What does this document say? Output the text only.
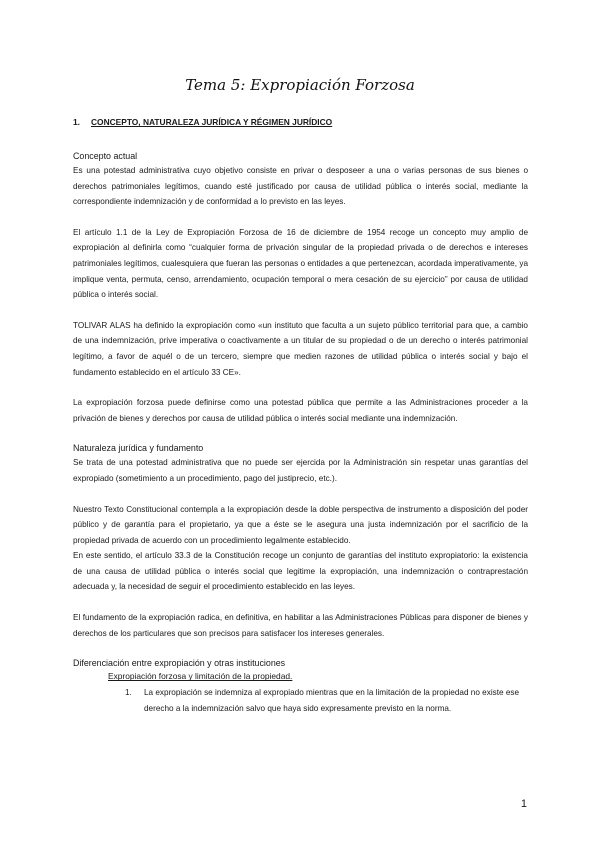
Tema 5: Expropiación Forzosa
1. CONCEPTO, NATURALEZA JURÍDICA Y RÉGIMEN JURÍDICO
Concepto actual

Es una potestad administrativa cuyo objetivo consiste en privar o desposeer a una o varias personas de sus bienes o derechos patrimoniales legítimos, cuando esté justificado por causa de utilidad pública o interés social, mediante la correspondiente indemnización y de conformidad a lo previsto en las leyes.

El artículo 1.1 de la Ley de Expropiación Forzosa de 16 de diciembre de 1954 recoge un concepto muy amplio de expropiación al definirla como “cualquier forma de privación singular de la propiedad privada o de derechos e intereses patrimoniales legítimos, cualesquiera que fueran las personas o entidades a que pertenezcan, acordada imperativamente, ya implique venta, permuta, censo, arrendamiento, ocupación temporal o mera cesación de su ejercicio” por causa de utilidad pública o interés social.

TOLIVAR ALAS ha definido la expropiación como «un instituto que faculta a un sujeto público territorial para que, a cambio de una indemnización, prive imperativa o coactivamente a un titular de su propiedad o de un derecho o interés patrimonial legítimo, a favor de aquél o de un tercero, siempre que medien razones de utilidad pública o interés social y bajo el fundamento establecido en el artículo 33 CE».

La expropiación forzosa puede definirse como una potestad pública que permite a las Administraciones proceder a la privación de bienes y derechos por causa de utilidad pública o interés social mediante una indemnización.

Naturaleza jurídica y fundamento

Se trata de una potestad administrativa que no puede ser ejercida por la Administración sin respetar unas garantías del expropiado (sometimiento a un procedimiento, pago del justiprecio, etc.).

Nuestro Texto Constitucional contempla a la expropiación desde la doble perspectiva de instrumento a disposición del poder público y de garantía para el propietario, ya que a éste se le asegura una justa indemnización por el sacrificio de la propiedad privada de acuerdo con un procedimiento legalmente establecido.

En este sentido, el artículo 33.3 de la Constitución recoge un conjunto de garantías del instituto expropiatorio: la existencia de una causa de utilidad pública o interés social que legitime la expropiación, una indemnización o contraprestación adecuada y, la necesidad de seguir el procedimiento establecido en las leyes.

El fundamento de la expropiación radica, en definitiva, en habilitar a las Administraciones Públicas para disponer de bienes y derechos de los particulares que son precisos para satisfacer los intereses generales.

Diferenciación entre expropiación y otras instituciones
Expropiación forzosa y limitación de la propiedad.
1. La expropiación se indemniza al expropiado mientras que en la limitación de la propiedad no existe ese derecho a la indemnización salvo que haya sido expresamente previsto en la norma.
1
